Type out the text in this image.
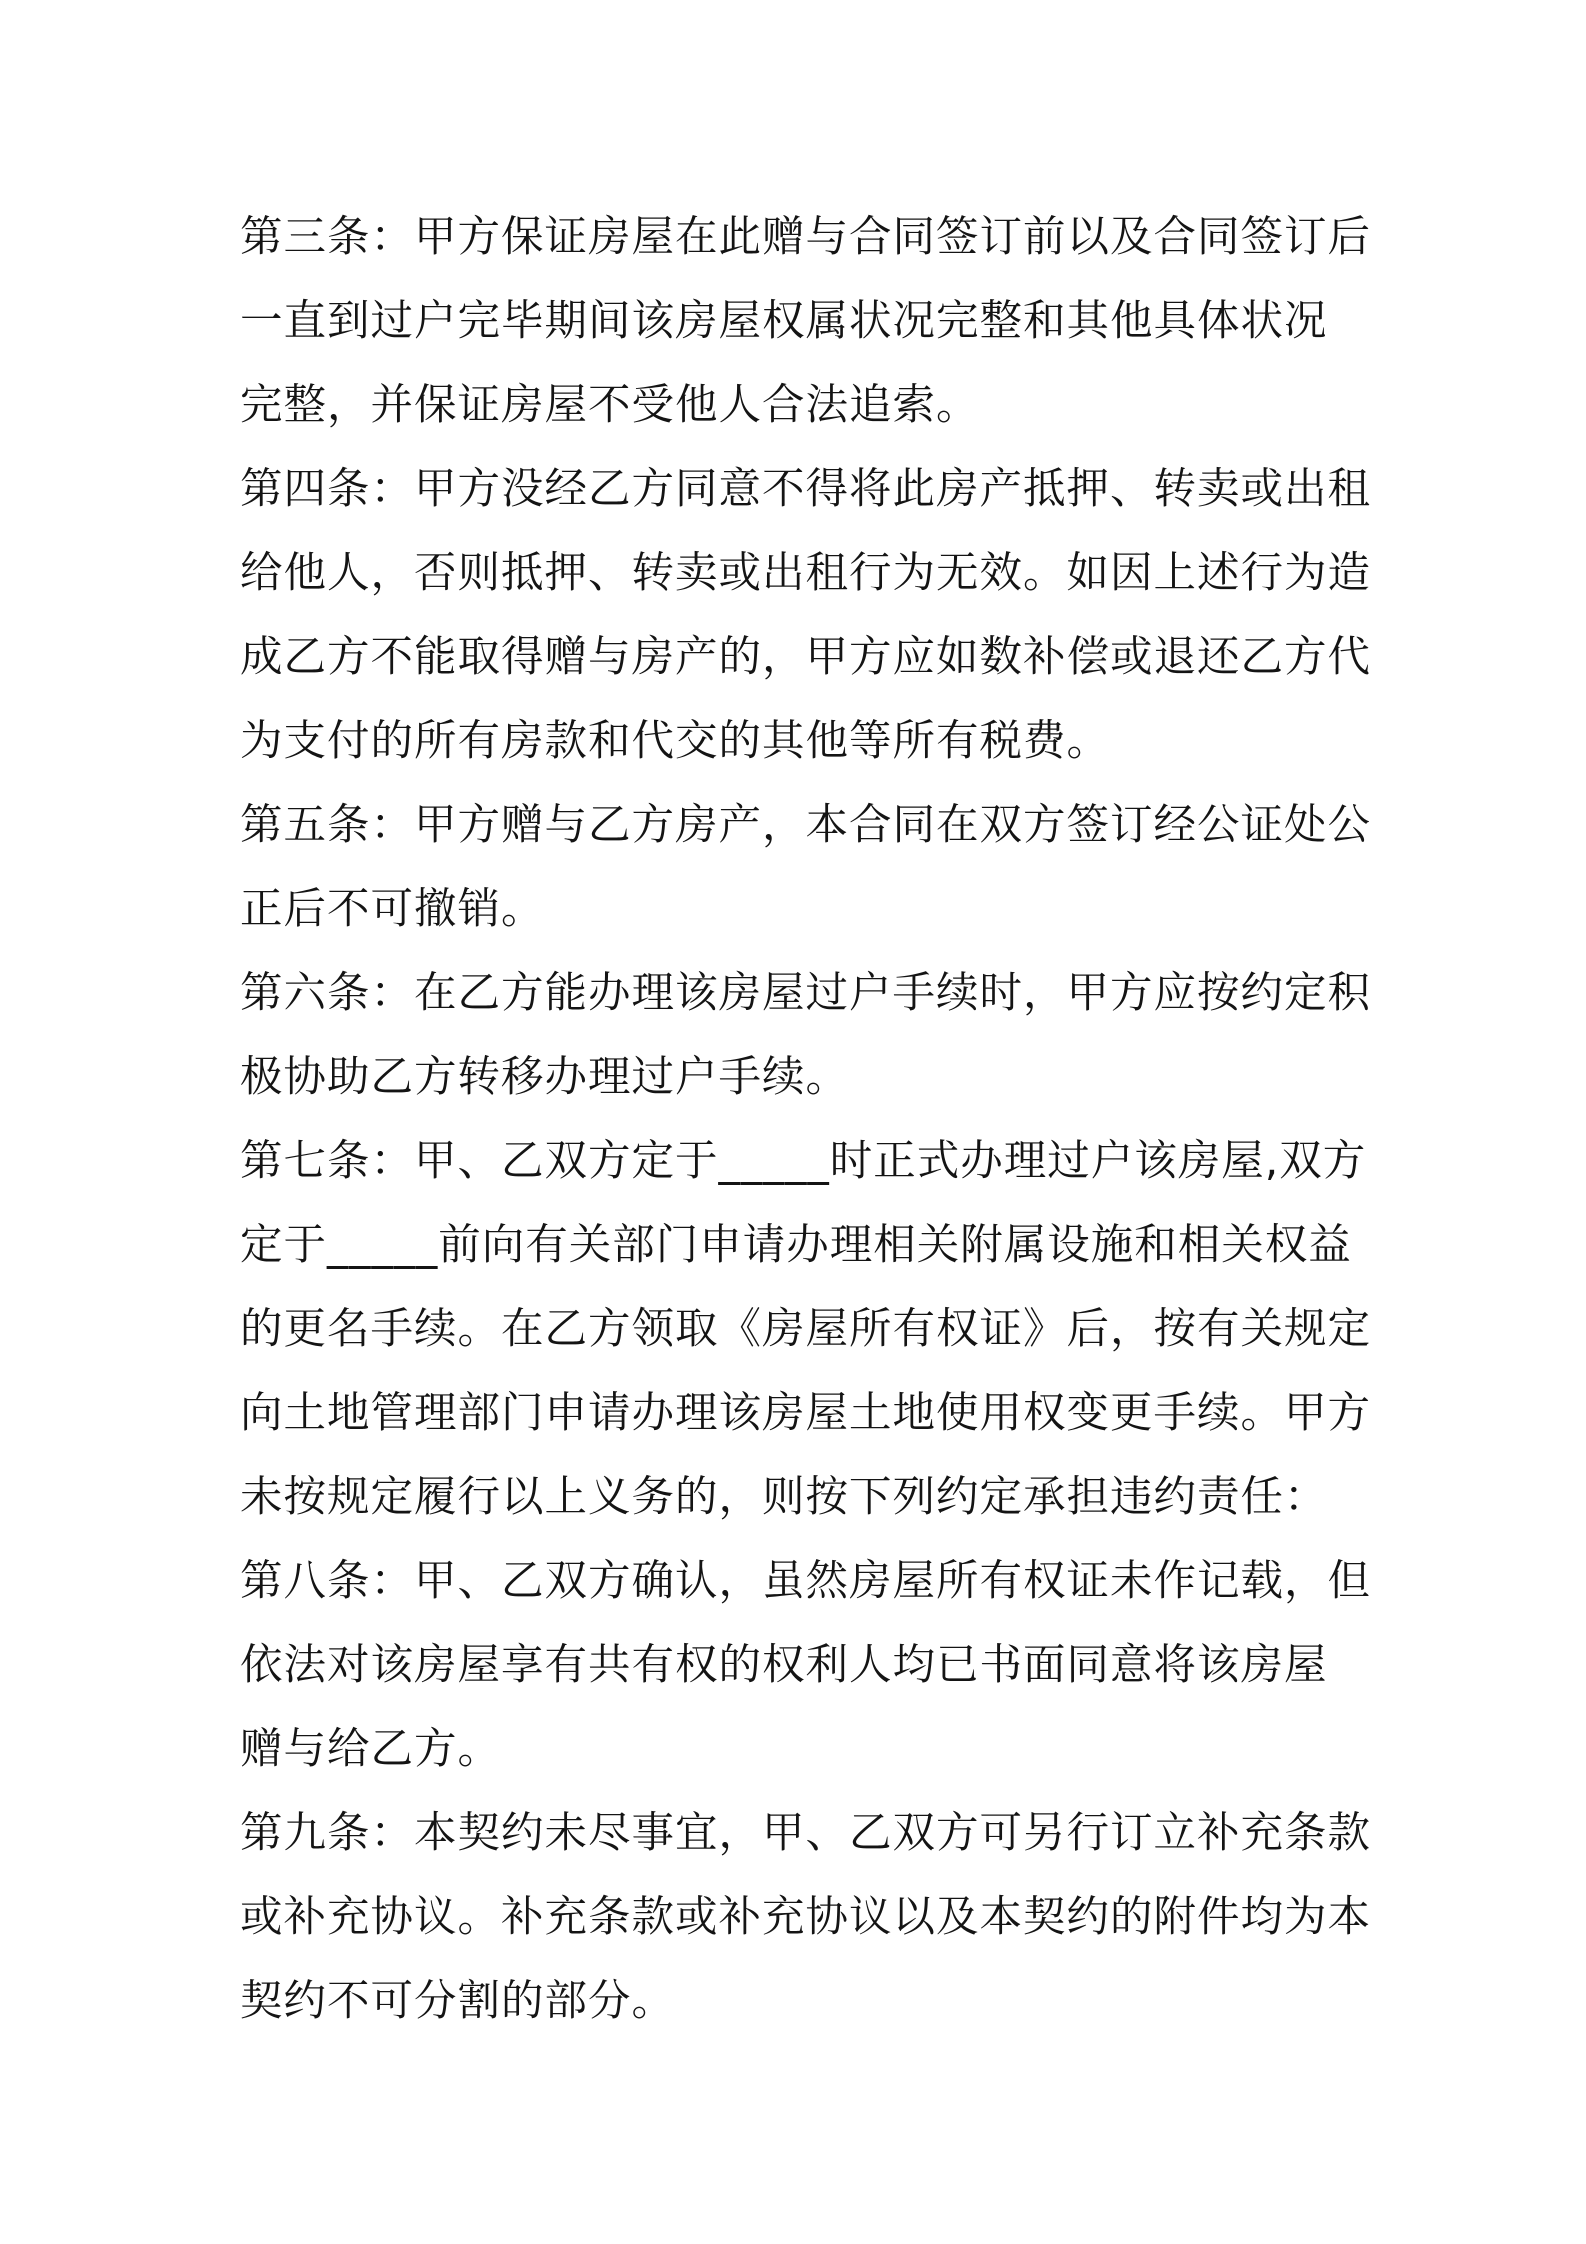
第三条：甲方保证房屋在此赠与合同签订前以及合同签订后
一直到过户完毕期间该房屋权属状况完整和其他具体状况
完整，并保证房屋不受他人合法追索。
第四条：甲方没经乙方同意不得将此房产抵押、转卖或出租
给他人，否则抵押、转卖或出租行为无效。如因上述行为造
成乙方不能取得赠与房产的，甲方应如数补偿或退还乙方代
为支付的所有房款和代交的其他等所有税费。
第五条：甲方赠与乙方房产，本合同在双方签订经公证处公
正后不可撤销。
第六条：在乙方能办理该房屋过户手续时，甲方应按约定积
极协助乙方转移办理过户手续。
第七条：甲、乙双方定于_____时正式办理过户该房屋,双方
定于_____前向有关部门申请办理相关附属设施和相关权益
的更名手续。在乙方领取《房屋所有权证》后，按有关规定
向土地管理部门申请办理该房屋土地使用权变更手续。甲方
未按规定履行以上义务的，则按下列约定承担违约责任：
第八条：甲、乙双方确认，虽然房屋所有权证未作记载，但
依法对该房屋享有共有权的权利人均已书面同意将该房屋
赠与给乙方。
第九条：本契约未尽事宜，甲、乙双方可另行订立补充条款
或补充协议。补充条款或补充协议以及本契约的附件均为本
契约不可分割的部分。
